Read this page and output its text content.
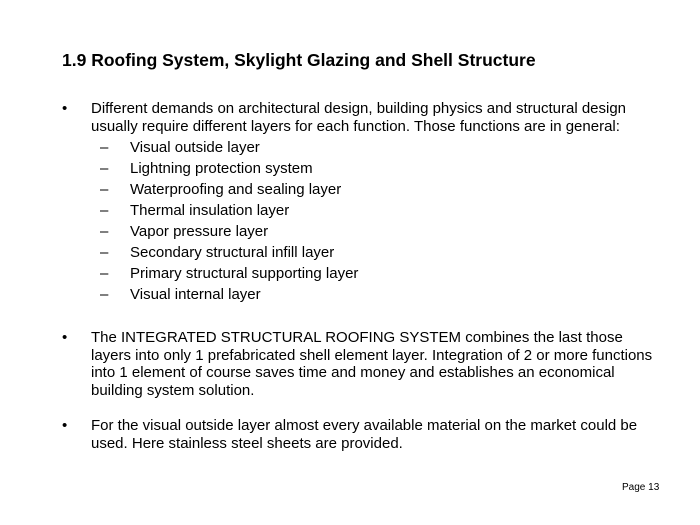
1.9 Roofing System, Skylight Glazing and Shell Structure
•	Different demands on architectural design, building physics and structural design usually require different layers for each function. Those functions are in general:
– Visual outside layer
– Lightning protection system
– Waterproofing and sealing layer
– Thermal insulation layer
– Vapor pressure layer
– Secondary structural infill layer
– Primary structural supporting layer
– Visual internal layer
•	The INTEGRATED STRUCTURAL ROOFING SYSTEM combines the last those layers into only 1 prefabricated shell element layer. Integration of 2 or more functions into 1 element of course saves time and money and establishes an economical building system solution.
•	For the visual outside layer almost every available material on the market could be used. Here stainless steel sheets are provided.
Page 13
